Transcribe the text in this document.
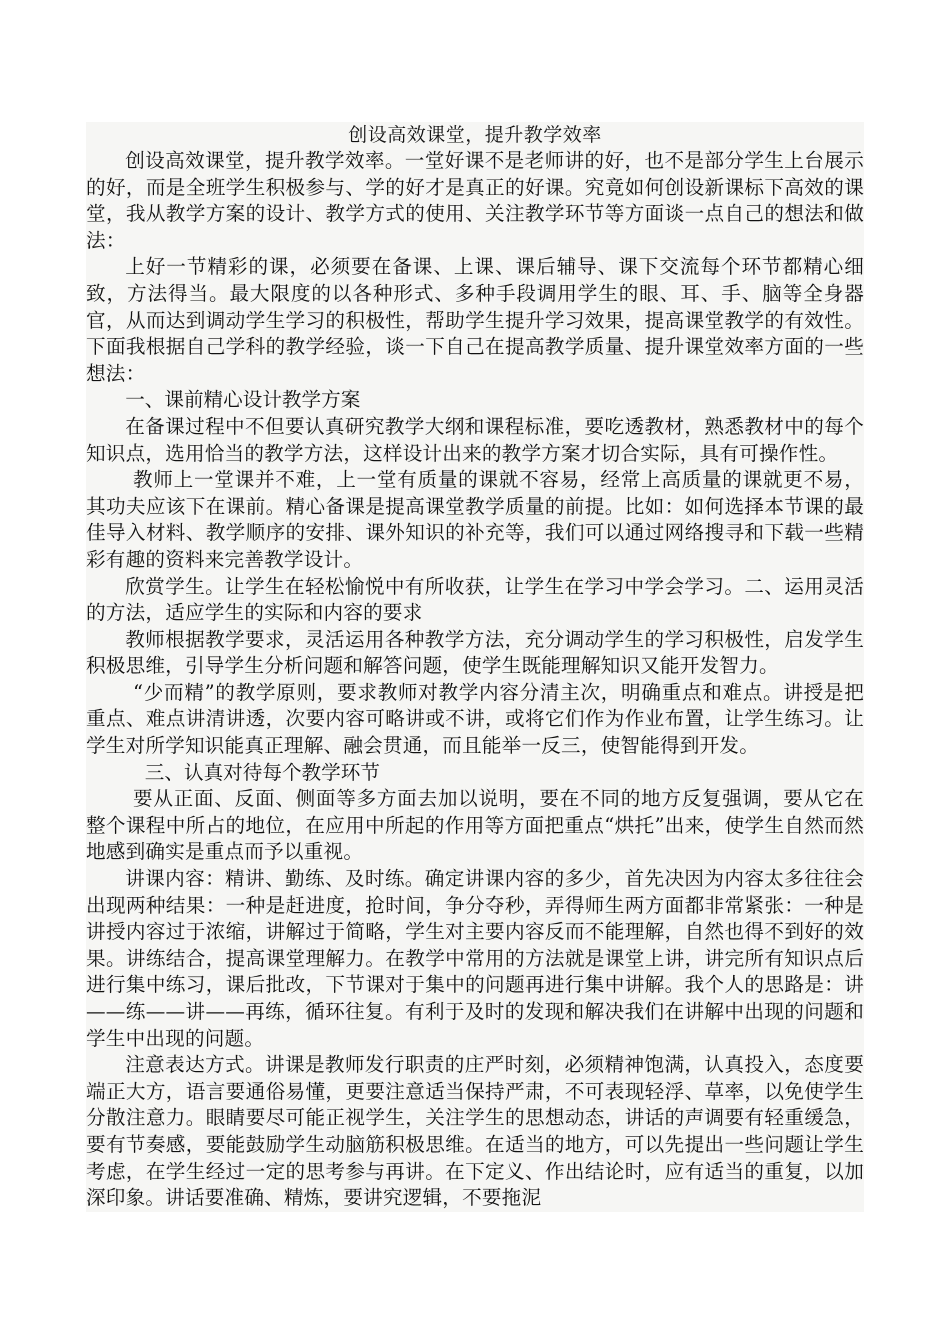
创设高效课堂，提升教学效率

创设高效课堂，提升教学效率。一堂好课不是老师讲的好，也不是部分学生上台展示的好，而是全班学生积极参与、学的好才是真正的好课。究竟如何创设新课标下高效的课堂，我从教学方案的设计、教学方式的使用、关注教学环节等方面谈一点自己的想法和做法：

上好一节精彩的课，必须要在备课、上课、课后辅导、课下交流每个环节都精心细致，方法得当。最大限度的以各种形式、多种手段调用学生的眼、耳、手、脑等全身器官，从而达到调动学生学习的积极性，帮助学生提升学习效果，提高课堂教学的有效性。下面我根据自己学科的教学经验，谈一下自己在提高教学质量、提升课堂效率方面的一些想法：

一、课前精心设计教学方案

在备课过程中不但要认真研究教学大纲和课程标准，要吃透教材，熟悉教材中的每个知识点，选用恰当的教学方法，这样设计出来的教学方案才切合实际，具有可操作性。

教师上一堂课并不难，上一堂有质量的课就不容易，经常上高质量的课就更不易，其功夫应该下在课前。精心备课是提高课堂教学质量的前提。比如：如何选择本节课的最佳导入材料、教学顺序的安排、课外知识的补充等，我们可以通过网络搜寻和下载一些精彩有趣的资料来完善教学设计。

欣赏学生。让学生在轻松愉悦中有所收获，让学生在学习中学会学习。二、运用灵活的方法，适应学生的实际和内容的要求

教师根据教学要求，灵活运用各种教学方法，充分调动学生的学习积极性，启发学生积极思维，引导学生分析问题和解答问题，使学生既能理解知识又能开发智力。

“少而精”的教学原则，要求教师对教学内容分清主次，明确重点和难点。讲授是把重点、难点讲清讲透，次要内容可略讲或不讲，或将它们作为作业布置，让学生练习。让学生对所学知识能真正理解、融会贯通，而且能举一反三，使智能得到开发。

三、认真对待每个教学环节

要从正面、反面、侧面等多方面去加以说明，要在不同的地方反复强调，要从它在整个课程中所占的地位，在应用中所起的作用等方面把重点“烘托”出来，使学生自然而然地感到确实是重点而予以重视。

讲课内容：精讲、勤练、及时练。确定讲课内容的多少，首先决因为内容太多往往会出现两种结果：一种是赶进度，抢时间，争分夺秒，弄得师生两方面都非常紧张：一种是讲授内容过于浓缩，讲解过于简略，学生对主要内容反而不能理解，自然也得不到好的效果。讲练结合，提高课堂理解力。在教学中常用的方法就是课堂上讲，讲完所有知识点后进行集中练习，课后批改，下节课对于集中的问题再进行集中讲解。我个人的思路是：讲——练——讲——再练，循环往复。有利于及时的发现和解决我们在讲解中出现的问题和学生中出现的问题。

注意表达方式。讲课是教师发行职责的庄严时刻，必须精神饱满，认真投入，态度要端正大方，语言要通俗易懂，更要注意适当保持严肃，不可表现轻浮、草率，以免使学生分散注意力。眼睛要尽可能正视学生，关注学生的思想动态，讲话的声调要有轻重缓急，要有节奏感，要能鼓励学生动脑筋积极思维。在适当的地方，可以先提出一些问题让学生考虑，在学生经过一定的思考参与再讲。在下定义、作出结论时，应有适当的重复，以加深印象。讲话要准确、精炼，要讲究逻辑，不要拖泥
